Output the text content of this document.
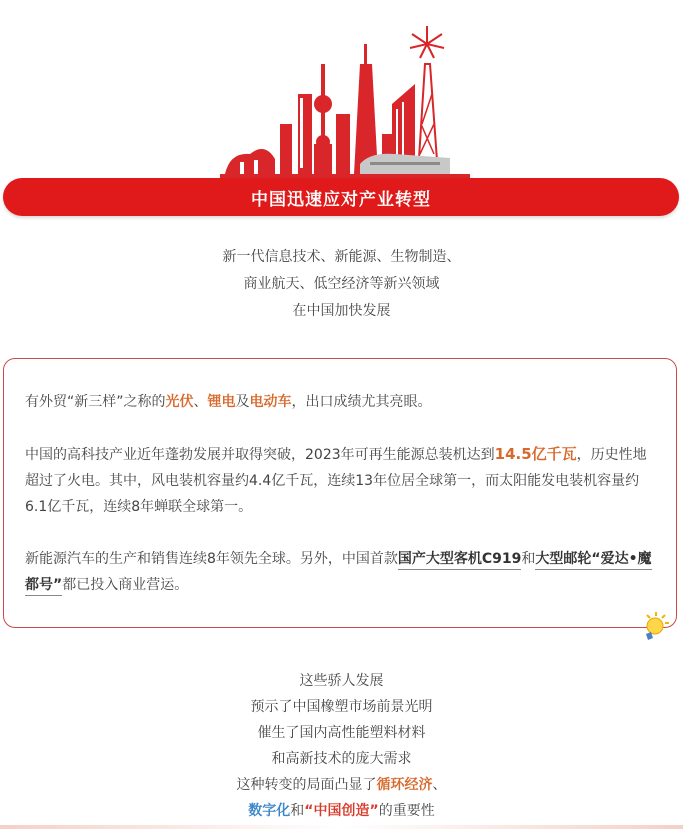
中国迅速应对产业转型
新一代信息技术、新能源、生物制造、
商业航天、低空经济等新兴领域
在中国加快发展

有外贸“新三样”之称的光伏、锂电及电动车，出口成绩尤其亮眼。

中国的高科技产业近年蓬勃发展并取得突破，2023年可再生能源总装机达到14.5亿千瓦，历史性地超过了火电。其中，风电装机容量约4.4亿千瓦，连续13年位居全球第一，而太阳能发电装机容量约6.1亿千瓦，连续8年蝉联全球第一。

新能源汽车的生产和销售连续8年领先全球。另外，中国首款国产大型客机C919和大型邮轮“爱达•魔都号”都已投入商业营运。

这些骄人发展
预示了中国橡塑市场前景光明
催生了国内高性能塑料材料
和高新技术的庞大需求
这种转变的局面凸显了循环经济、
数字化和“中国创造”的重要性
